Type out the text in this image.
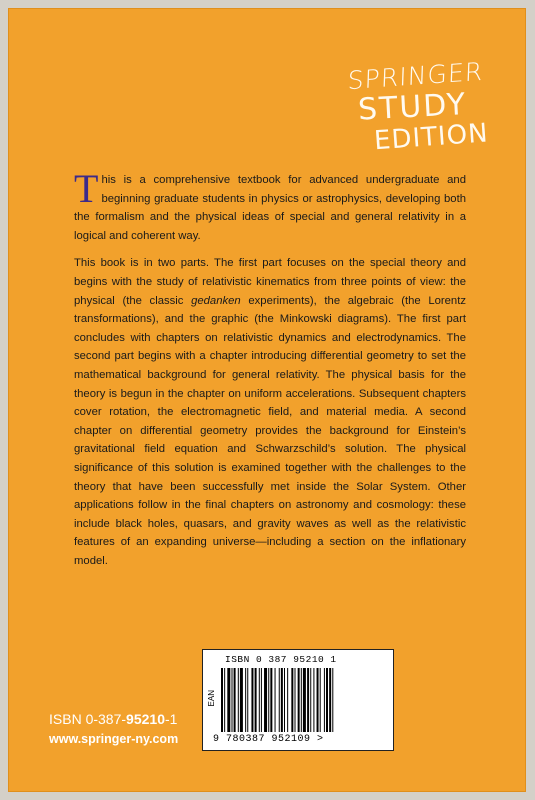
SPRINGER
STUDY
EDITION

This is a comprehensive textbook for advanced undergraduate and beginning graduate students in physics or astrophysics, developing both the formalism and the physical ideas of special and general relativity in a logical and coherent way.

This book is in two parts. The first part focuses on the special theory and begins with the study of relativistic kinematics from three points of view: the physical (the classic gedanken experiments), the algebraic (the Lorentz transformations), and the graphic (the Minkowski diagrams). The first part concludes with chapters on relativistic dynamics and electrodynamics. The second part begins with a chapter introducing differential geometry to set the mathematical background for general relativity. The physical basis for the theory is begun in the chapter on uniform accelerations. Subsequent chapters cover rotation, the electromagnetic field, and material media. A second chapter on differential geometry provides the background for Einstein’s gravitational field equation and Schwarzschild’s solution. The physical significance of this solution is examined together with the challenges to the theory that have been successfully met inside the Solar System. Other applications follow in the final chapters on astronomy and cosmology: these include black holes, quasars, and gravity waves as well as the relativistic features of an expanding universe—including a section on the inflationary model.

ISBN 0 387 95210 1
EAN
9 780387 952109 >
ISBN 0-387-95210-1
www.springer-ny.com
